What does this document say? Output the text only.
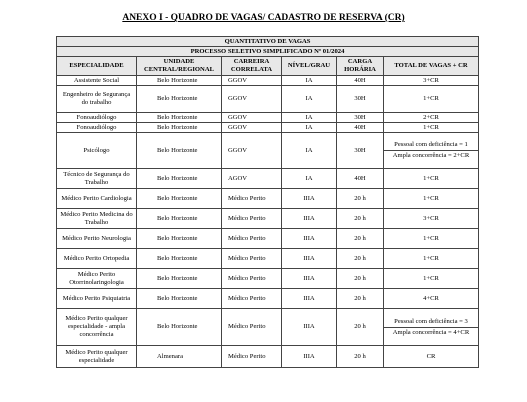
ANEXO I - QUADRO DE VAGAS/ CADASTRO DE RESERVA (CR)
QUANTITATIVO DE VAGAS					
PROCESSO SELETIVO SIMPLIFICADO Nº 01/2024					
ESPECIALIDADE	UNIDADE CENTRAL/REGIONAL	CARREIRA CORRELATA	NÍVEL/GRAU	CARGA HORÁRIA	TOTAL DE VAGAS + CR
Assistente Social	Belo Horizonte	GGOV	IA	40H	3+CR
Engenheiro de Segurança do trabalho	Belo Horizonte	GGOV	IA	30H	1+CR
Fonoaudiólogo	Belo Horizonte	GGOV	IA	30H	2+CR
Fonoaudiólogo	Belo Horizonte	GGOV	IA	40H	1+CR
Psicólogo	Belo Horizonte	GGOV	IA	30H	Pessoal com deficiência = 1
Ampla concorrência = 2+CR

Técnico de Segurança do Trabalho	Belo Horizonte	AGOV	IA	40H	1+CR
Médico Perito Cardiologia	Belo Horizonte	Médico Perito	IIIA	20 h	1+CR
Médico Perito Medicina do Trabalho	Belo Horizonte	Médico Perito	IIIA	20 h	3+CR
Médico Perito Neurologia	Belo Horizonte	Médico Perito	IIIA	20 h	1+CR
Médico Perito Ortopedia	Belo Horizonte	Médico Perito	IIIA	20 h	1+CR
Médico Perito Otorrinolaringologia	Belo Horizonte	Médico Perito	IIIA	20 h	1+CR
Médico Perito Psiquiatria	Belo Horizonte	Médico Perito	IIIA	20 h	4+CR
Médico Perito qualquer especialidade - ampla concorrência	Belo Horizonte	Médico Perito	IIIA	20 h	Pessoal com deficiência = 3
Ampla concorrência = 4+CR

Médico Perito qualquer especialidade	Almenara	Médico Perito	IIIA	20 h	CR
